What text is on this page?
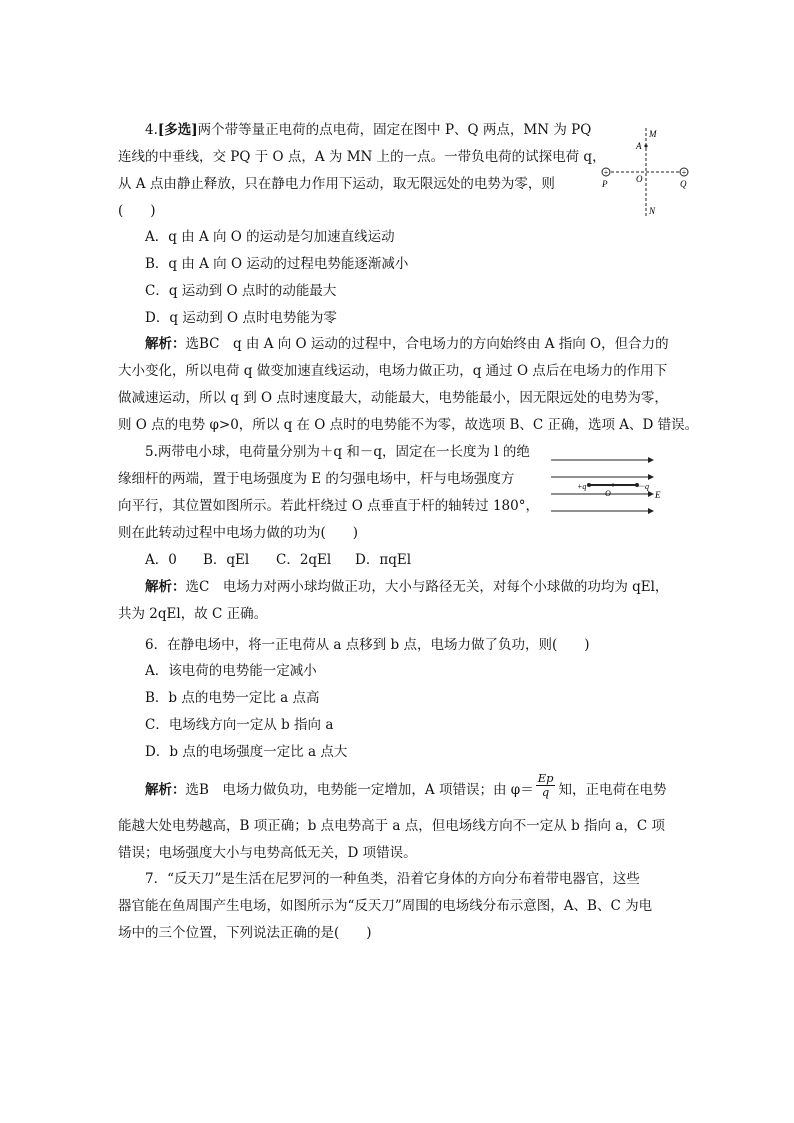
4.[多选]两个带等量正电荷的点电荷，固定在图中 P、Q 两点，MN 为 PQ
连线的中垂线，交 PQ 于 O 点，A 为 MN 上的一点。一带负电荷的试探电荷 q，
从 A 点由静止释放，只在静电力作用下运动，取无限远处的电势为零，则
(　　)
A．q 由 A 向 O 的运动是匀加速直线运动
B．q 由 A 向 O 运动的过程电势能逐渐减小
C．q 运动到 O 点时的动能最大
D．q 运动到 O 点时电势能为零
解析：选BC　q 由 A 向 O 运动的过程中，合电场力的方向始终由 A 指向 O，但合力的
大小变化，所以电荷 q 做变加速直线运动，电场力做正功，q 通过 O 点后在电场力的作用下
做减速运动，所以 q 到 O 点时速度最大，动能最大，电势能最小，因无限远处的电势为零，
则 O 点的电势 φ>0，所以 q 在 O 点时的电势能不为零，故选项 B、C 正确，选项 A、D 错误。
+	+
M
A
O
P	Q
N
5.两带电小球，电荷量分别为＋q 和－q，固定在一长度为 l 的绝
缘细杆的两端，置于电场强度为 E 的匀强电场中，杆与电场强度方
向平行，其位置如图所示。若此杆绕过 O 点垂直于杆的轴转过 180°，
则在此转动过程中电场力做的功为(　　)
A．0 B．qEl C．2qEl D．πqEl
解析：选C　电场力对两小球均做正功，大小与路径无关，对每个小球做的功均为 qEl，
共为 2qEl，故 C 正确。
+q
O
－q
E
6．在静电场中，将一正电荷从 a 点移到 b 点，电场力做了负功，则(　　)
A．该电荷的电势能一定减小
B．b 点的电势一定比 a 点高
C．电场线方向一定从 b 指向 a
D．b 点的电场强度一定比 a 点大
解析：选B　电场力做负功，电势能一定增加，A 项错误；由 $\varphi= \frac{Ep}{q}$ 知，正电荷在电势
能越大处电势越高，B 项正确；b 点电势高于 a 点，但电场线方向不一定从 b 指向 a，C 项
错误；电场强度大小与电势高低无关，D 项错误。
7．“反天刀”是生活在尼罗河的一种鱼类，沿着它身体的方向分布着带电器官，这些
器官能在鱼周围产生电场，如图所示为“反天刀”周围的电场线分布示意图，A、B、C 为电
场中的三个位置，下列说法正确的是(　　)
